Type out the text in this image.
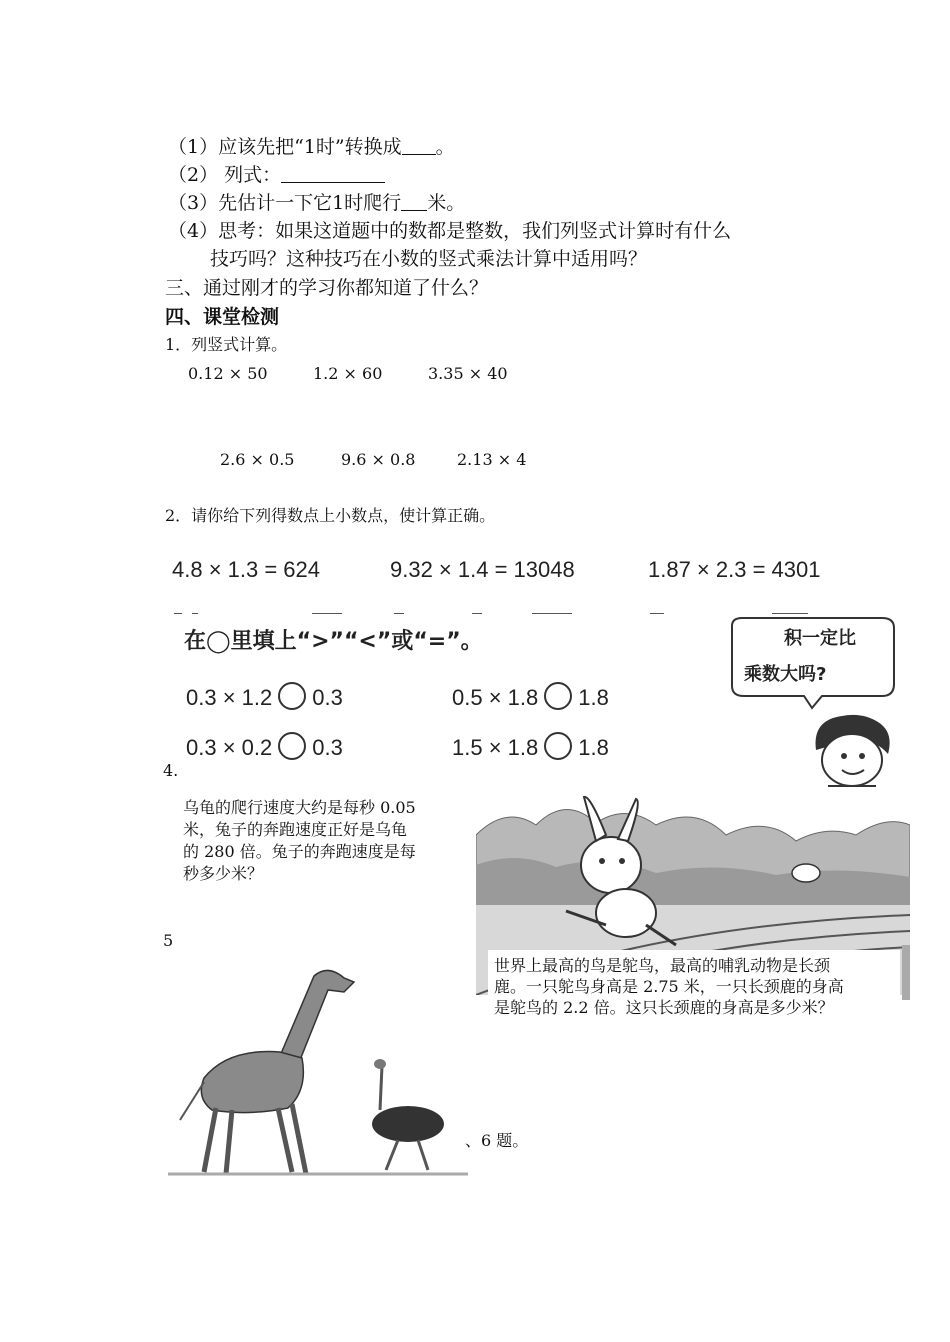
（1）应该先把“1时”转换成 。
（2） 列式：
（3）先估计一下它1时爬行 米。
（4）思考：如果这道题中的数都是整数，我们列竖式计算时有什么
技巧吗？这种技巧在小数的竖式乘法计算中适用吗？
三、通过刚才的学习你都知道了什么？
四、课堂检测
1．列竖式计算。
0.12 × 50	1.2 × 60	3.35 × 40
2.6 × 0.5	9.6 × 0.8	2.13 × 4
2．请你给下列得数点上小数点，使计算正确。
4.8 × 1.3 = 624	9.32 × 1.4 = 13048	1.87 × 2.3 = 4301
在◯里填上“>”“<”或“=”。
0.3 × 1.2 0.3	0.5 × 1.8 1.8
0.3 × 0.2 0.3	1.5 × 1.8 1.8
积一定比
乘数大吗?
4.
乌龟的爬行速度大约是每秒 0.05
米，兔子的奔跑速度正好是乌龟
的 280 倍。兔子的奔跑速度是每
秒多少米？
5
世界上最高的鸟是鸵鸟，最高的哺乳动物是长颈
鹿。一只鸵鸟身高是 2.75 米，一只长颈鹿的身高
是鸵鸟的 2.2 倍。这只长颈鹿的身高是多少米？
、6 题。
